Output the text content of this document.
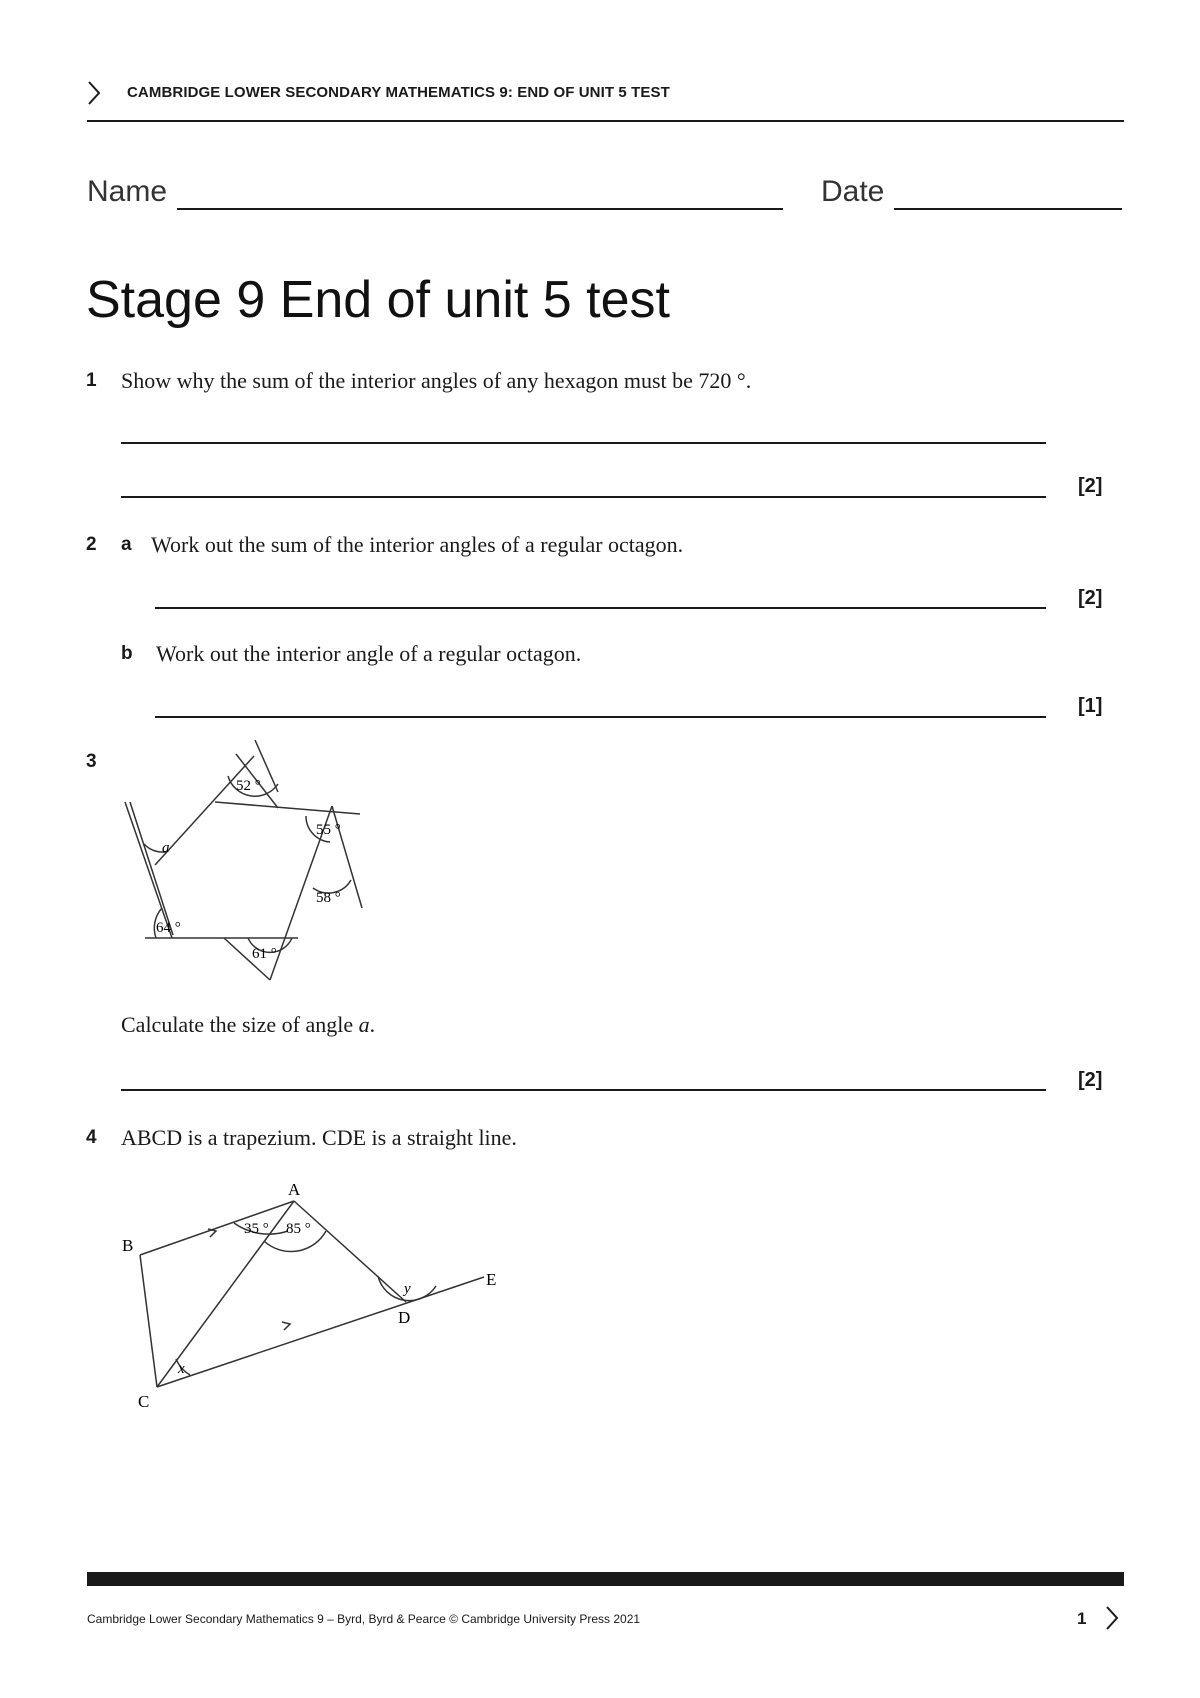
CAMBRIDGE LOWER SECONDARY MATHEMATICS 9: END OF UNIT 5 TEST
Name	Date
Stage 9 End of unit 5 test
1 Show why the sum of the interior angles of any hexagon must be 720 °.
[2]
2 a Work out the sum of the interior angles of a regular octagon.
[2]
b Work out the interior angle of a regular octagon.
[1]
3
52 °
55 °
58 °
61 °
64 °
a
Calculate the size of angle a.
[2]
4 ABCD is a trapezium. CDE is a straight line.
A
B
C
D
E
35 ° 85 °
x
y
Cambridge Lower Secondary Mathematics 9 – Byrd, Byrd & Pearce © Cambridge University Press 2021	1
